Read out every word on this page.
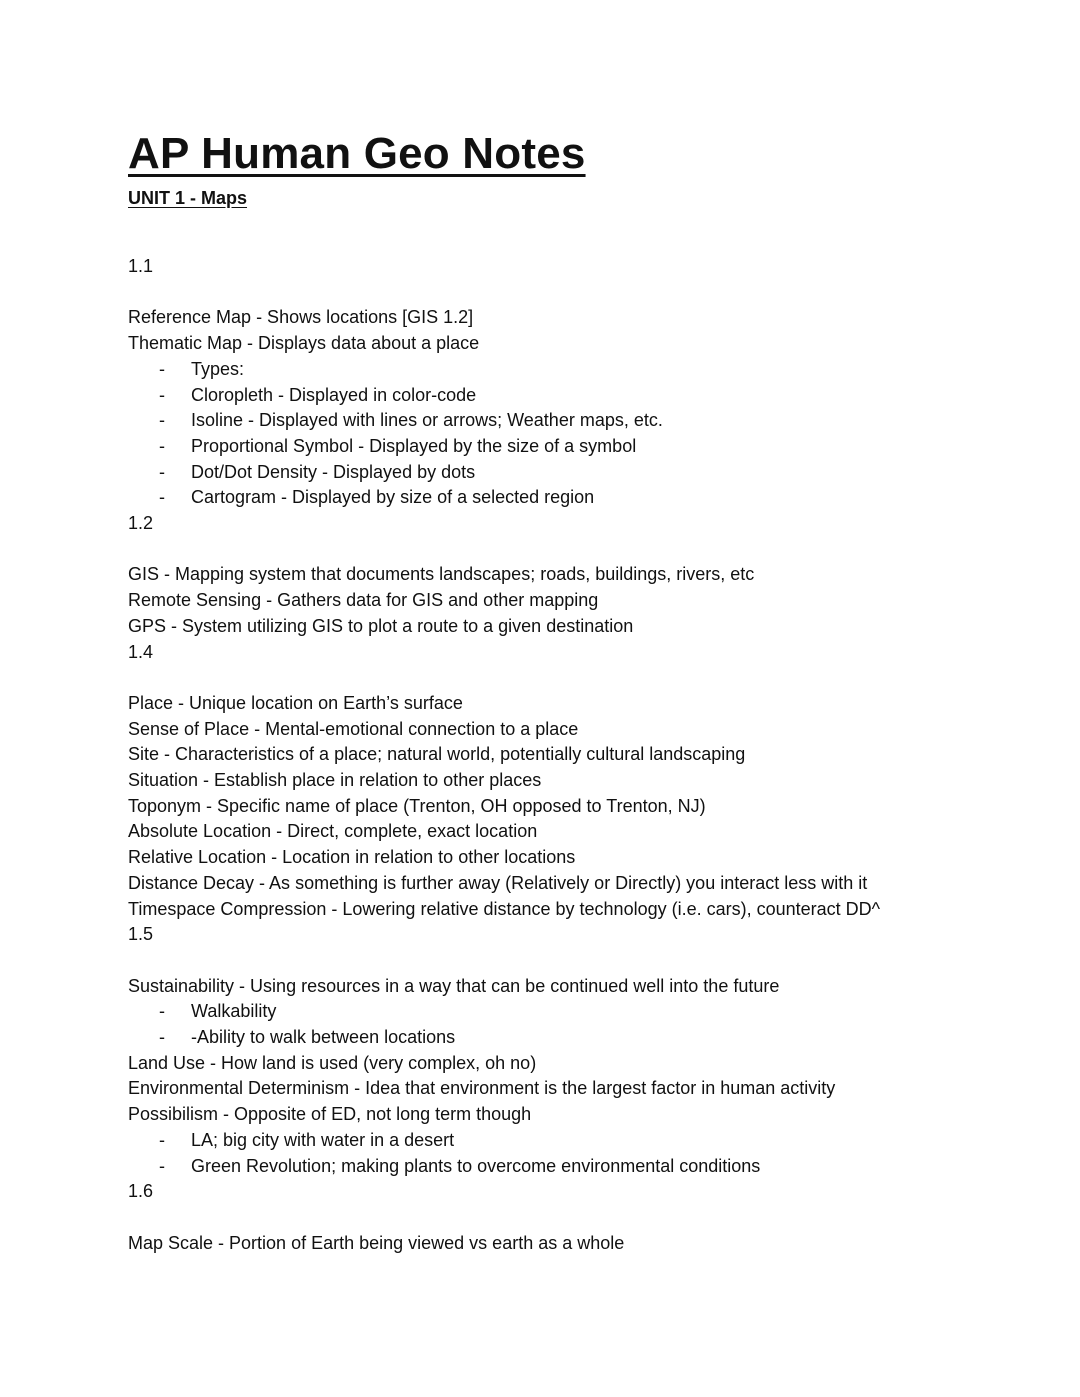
AP Human Geo Notes
UNIT 1 - Maps
1.1
Reference Map - Shows locations [GIS 1.2]
Thematic Map - Displays data about a place
- Types:
- Cloropleth - Displayed in color-code
- Isoline - Displayed with lines or arrows; Weather maps, etc.
- Proportional Symbol - Displayed by the size of a symbol
- Dot/Dot Density - Displayed by dots
- Cartogram - Displayed by size of a selected region
1.2
GIS - Mapping system that documents landscapes; roads, buildings, rivers, etc
Remote Sensing - Gathers data for GIS and other mapping
GPS - System utilizing GIS to plot a route to a given destination
1.4
Place - Unique location on Earth’s surface
Sense of Place - Mental-emotional connection to a place
Site - Characteristics of a place; natural world, potentially cultural landscaping
Situation - Establish place in relation to other places
Toponym - Specific name of place (Trenton, OH opposed to Trenton, NJ)
Absolute Location - Direct, complete, exact location
Relative Location - Location in relation to other locations
Distance Decay - As something is further away (Relatively or Directly) you interact less with it
Timespace Compression - Lowering relative distance by technology (i.e. cars), counteract DD^
1.5
Sustainability - Using resources in a way that can be continued well into the future
- Walkability
- -Ability to walk between locations
Land Use - How land is used (very complex, oh no)
Environmental Determinism - Idea that environment is the largest factor in human activity
Possibilism - Opposite of ED, not long term though
- LA; big city with water in a desert
- Green Revolution; making plants to overcome environmental conditions
1.6
Map Scale - Portion of Earth being viewed vs earth as a whole
